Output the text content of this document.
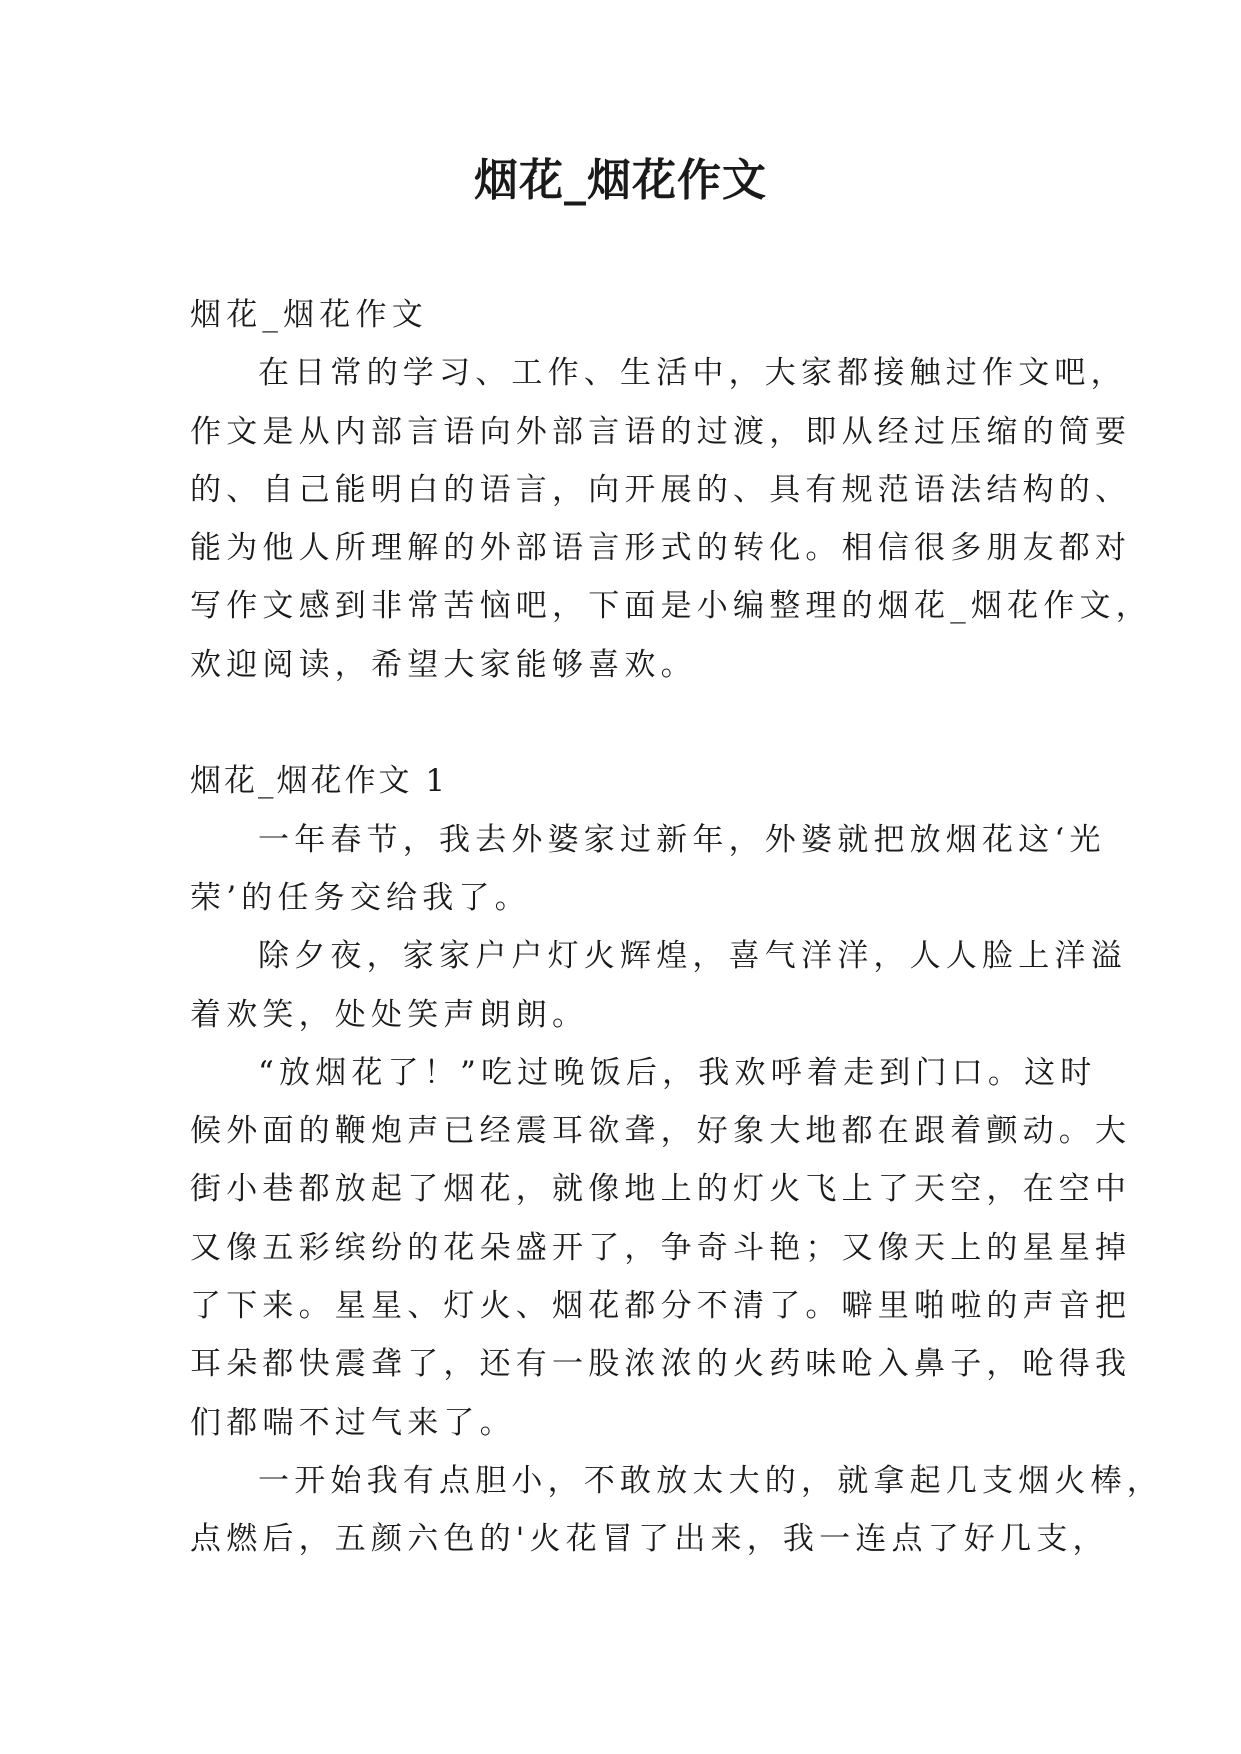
烟花_烟花作文

烟花_烟花作文

在日常的学习、工作、生活中，大家都接触过作文吧，

作文是从内部言语向外部言语的过渡，即从经过压缩的简要

的、自己能明白的语言，向开展的、具有规范语法结构的、

能为他人所理解的外部语言形式的转化。相信很多朋友都对

写作文感到非常苦恼吧，下面是小编整理的烟花_烟花作文，

欢迎阅读，希望大家能够喜欢。

烟花_烟花作文 1

一年春节，我去外婆家过新年，外婆就把放烟花这‘光

荣’的任务交给我了。

除夕夜，家家户户灯火辉煌，喜气洋洋，人人脸上洋溢

着欢笑，处处笑声朗朗。

“放烟花了！”吃过晚饭后，我欢呼着走到门口。这时

候外面的鞭炮声已经震耳欲聋，好象大地都在跟着颤动。大

街小巷都放起了烟花，就像地上的灯火飞上了天空，在空中

又像五彩缤纷的花朵盛开了，争奇斗艳；又像天上的星星掉

了下来。星星、灯火、烟花都分不清了。噼里啪啦的声音把

耳朵都快震聋了，还有一股浓浓的火药味呛入鼻子，呛得我

们都喘不过气来了。

一开始我有点胆小，不敢放太大的，就拿起几支烟火棒，

点燃后，五颜六色的'火花冒了出来，我一连点了好几支，
